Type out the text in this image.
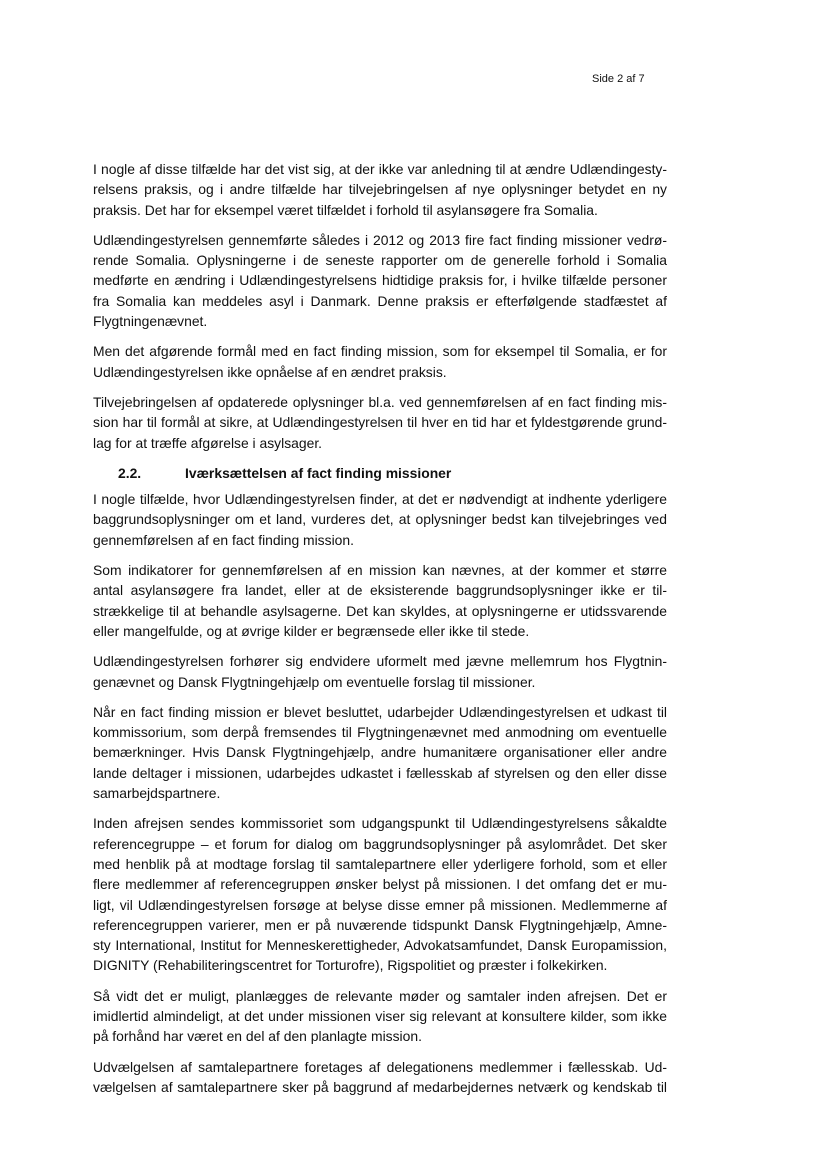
Side 2 af 7

I nogle af disse tilfælde har det vist sig, at der ikke var anledning til at ændre Udlændingesty-
relsens praksis, og i andre tilfælde har tilvejebringelsen af nye oplysninger betydet en ny
praksis. Det har for eksempel været tilfældet i forhold til asylansøgere fra Somalia.

Udlændingestyrelsen gennemførte således i 2012 og 2013 fire fact finding missioner vedrø-
rende Somalia. Oplysningerne i de seneste rapporter om de generelle forhold i Somalia
medførte en ændring i Udlændingestyrelsens hidtidige praksis for, i hvilke tilfælde personer
fra Somalia kan meddeles asyl i Danmark. Denne praksis er efterfølgende stadfæstet af
Flygtningenævnet.

Men det afgørende formål med en fact finding mission, som for eksempel til Somalia, er for
Udlændingestyrelsen ikke opnåelse af en ændret praksis.

Tilvejebringelsen af opdaterede oplysninger bl.a. ved gennemførelsen af en fact finding mis-
sion har til formål at sikre, at Udlændingestyrelsen til hver en tid har et fyldestgørende grund-
lag for at træffe afgørelse i asylsager.

2.2.	Iværksættelsen af fact finding missioner

I nogle tilfælde, hvor Udlændingestyrelsen finder, at det er nødvendigt at indhente yderligere
baggrundsoplysninger om et land, vurderes det, at oplysninger bedst kan tilvejebringes ved
gennemførelsen af en fact finding mission.

Som indikatorer for gennemførelsen af en mission kan nævnes, at der kommer et større
antal asylansøgere fra landet, eller at de eksisterende baggrundsoplysninger ikke er til-
strækkelige til at behandle asylsagerne. Det kan skyldes, at oplysningerne er utidssvarende
eller mangelfulde, og at øvrige kilder er begrænsede eller ikke til stede.

Udlændingestyrelsen forhører sig endvidere uformelt med jævne mellemrum hos Flygtnin-
genævnet og Dansk Flygtningehjælp om eventuelle forslag til missioner.

Når en fact finding mission er blevet besluttet, udarbejder Udlændingestyrelsen et udkast til
kommissorium, som derpå fremsendes til Flygtningenævnet med anmodning om eventuelle
bemærkninger. Hvis Dansk Flygtningehjælp, andre humanitære organisationer eller andre
lande deltager i missionen, udarbejdes udkastet i fællesskab af styrelsen og den eller disse
samarbejdspartnere.

Inden afrejsen sendes kommissoriet som udgangspunkt til Udlændingestyrelsens såkaldte
referencegruppe – et forum for dialog om baggrundsoplysninger på asylområdet. Det sker
med henblik på at modtage forslag til samtalepartnere eller yderligere forhold, som et eller
flere medlemmer af referencegruppen ønsker belyst på missionen. I det omfang det er mu-
ligt, vil Udlændingestyrelsen forsøge at belyse disse emner på missionen. Medlemmerne af
referencegruppen varierer, men er på nuværende tidspunkt Dansk Flygtningehjælp, Amne-
sty International, Institut for Menneskerettigheder, Advokatsamfundet, Dansk Europamission,
DIGNITY (Rehabiliteringscentret for Torturofre), Rigspolitiet og præster i folkekirken.

Så vidt det er muligt, planlægges de relevante møder og samtaler inden afrejsen. Det er
imidlertid almindeligt, at det under missionen viser sig relevant at konsultere kilder, som ikke
på forhånd har været en del af den planlagte mission.

Udvælgelsen af samtalepartnere foretages af delegationens medlemmer i fællesskab. Ud-
vælgelsen af samtalepartnere sker på baggrund af medarbejdernes netværk og kendskab til
